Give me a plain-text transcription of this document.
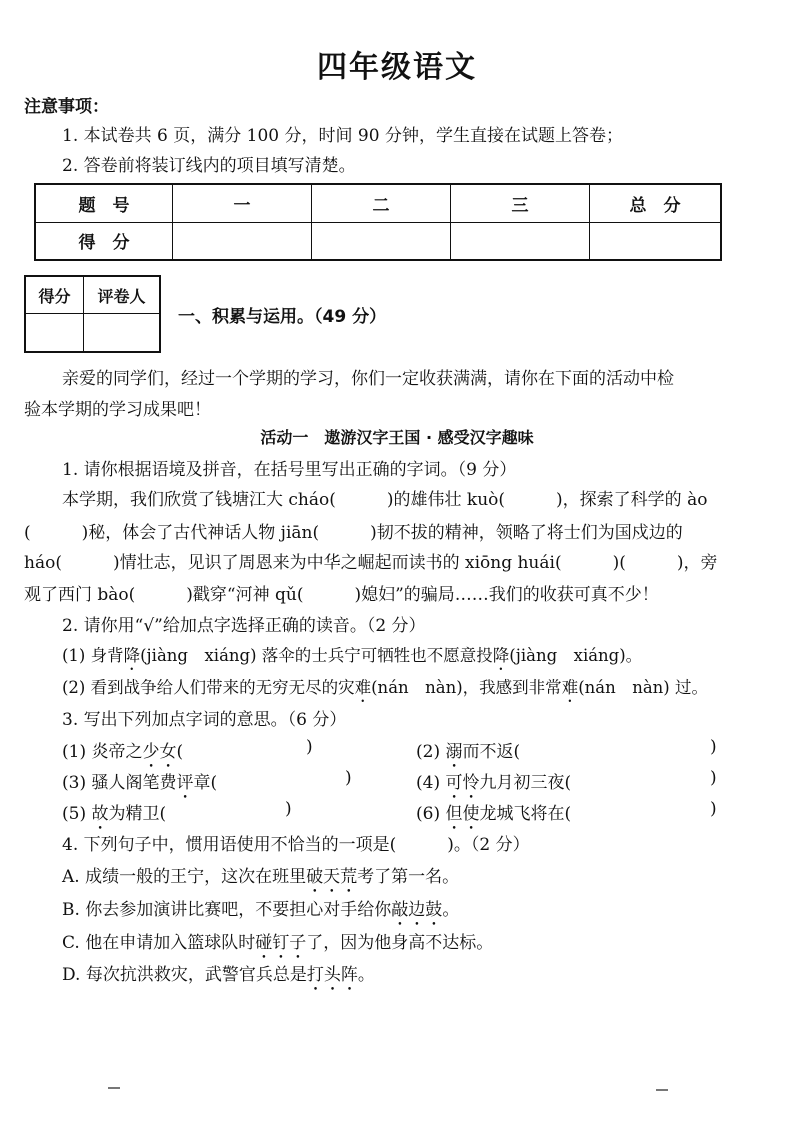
四年级语文
注意事项：
1. 本试卷共 6 页，满分 100 分，时间 90 分钟，学生直接在试题上答卷；
2. 答卷前将装订线内的项目填写清楚。
题　号	一	二	三	总　分
得　分				
得分	评卷人

一、积累与运用。（49 分）
亲爱的同学们，经过一个学期的学习，你们一定收获满满，请你在下面的活动中检
验本学期的学习成果吧！
活动一　遨游汉字王国 · 感受汉字趣味
1. 请你根据语境及拼音，在括号里写出正确的字词。（9 分）
本学期，我们欣赏了钱塘江大 cháo(　　　)的雄伟壮 kuò(　　　)，探索了科学的 ào
(　　　)秘，体会了古代神话人物 jiān(　　　)韧不拔的精神，领略了将士们为国戍边的
háo(　　　)情壮志，见识了周恩来为中华之崛起而读书的 xiōng huái(　　　)(　　　)，旁
观了西门 bào(　　　)戳穿“河神 qǔ(　　　)媳妇”的骗局……我们的收获可真不少！
2. 请你用“√”给加点字选择正确的读音。（2 分）
(1) 身背降(jiàng　xiáng) 落伞的士兵宁可牺牲也不愿意投降(jiàng　xiáng)。
(2) 看到战争给人们带来的无穷无尽的灾难(nán　nàn)，我感到非常难(nán　nàn) 过。
3. 写出下列加点字词的意思。（6 分）
(1) 炎帝之少女(	)	(2) 溺而不返(	)
(3) 骚人阁笔费评章(	)	(4) 可怜九月初三夜(	)
(5) 故为精卫(	)	(6) 但使龙城飞将在(	)
4. 下列句子中，惯用语使用不恰当的一项是(　　　)。（2 分）
A. 成绩一般的王宁，这次在班里破天荒考了第一名。
B. 你去参加演讲比赛吧，不要担心对手给你敲边鼓。
C. 他在申请加入篮球队时碰钉子了，因为他身高不达标。
D. 每次抗洪救灾，武警官兵总是打头阵。
